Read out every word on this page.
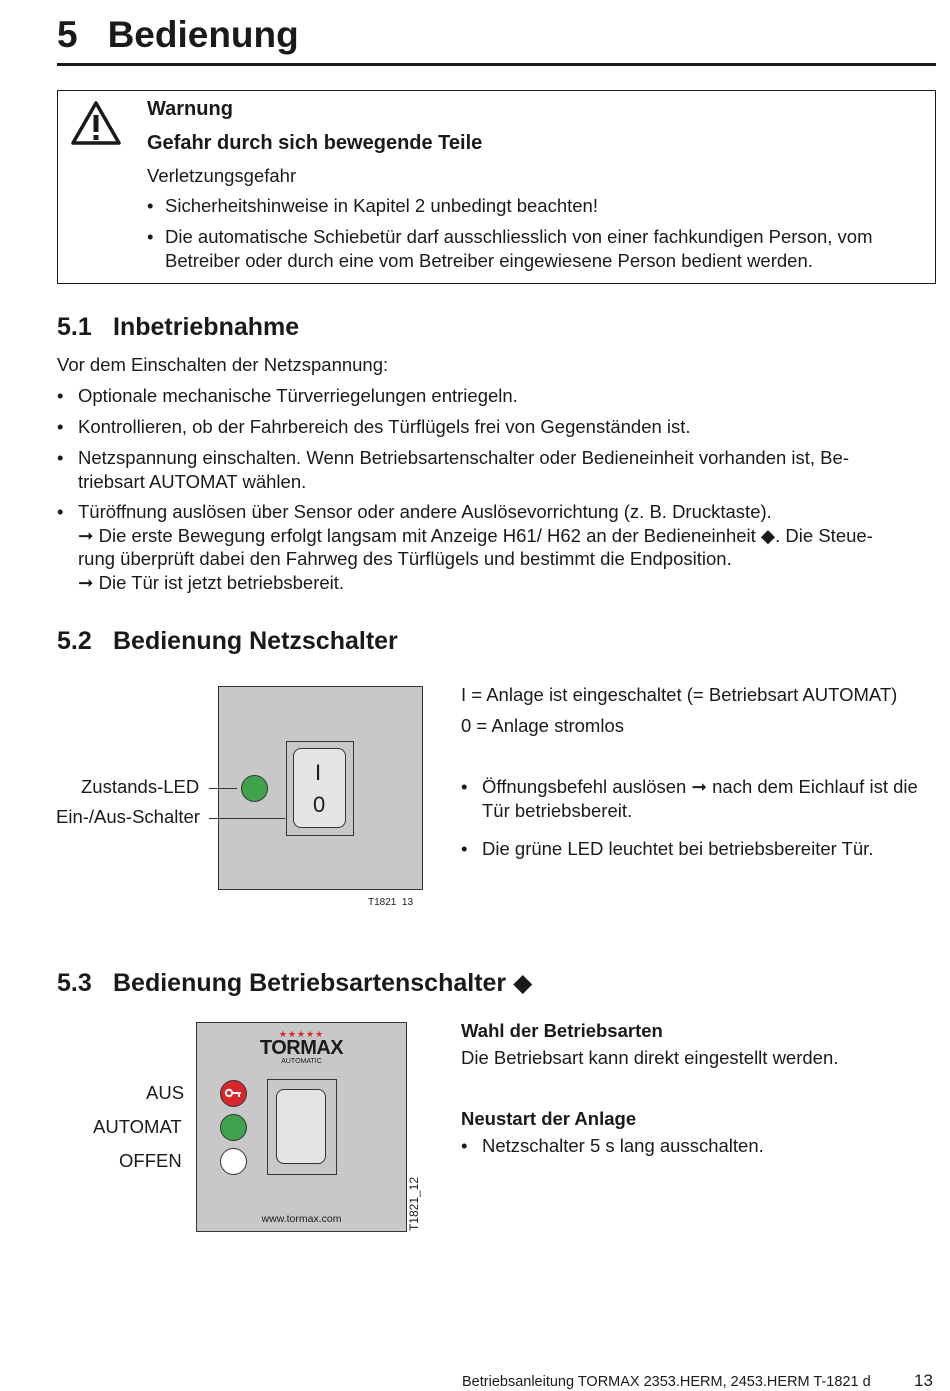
5 Bedienung
Warnung
Gefahr durch sich bewegende Teile
Verletzungsgefahr
• Sicherheitshinweise in Kapitel 2 unbedingt beachten!
• Die automatische Schiebetür darf ausschliesslich von einer fachkundigen Person, vom
Betreiber oder durch eine vom Betreiber eingewiesene Person bedient werden.
5.1 Inbetriebnahme
Vor dem Einschalten der Netzspannung:
• Optionale mechanische Türverriegelungen entriegeln.
• Kontrollieren, ob der Fahrbereich des Türflügels frei von Gegenständen ist.
• Netzspannung einschalten. Wenn Betriebsartenschalter oder Bedieneinheit vorhanden ist, Be-
triebsart AUTOMAT wählen.
• Türöffnung auslösen über Sensor oder andere Auslösevorrichtung (z. B. Drucktaste).
➞ Die erste Bewegung erfolgt langsam mit Anzeige H61/ H62 an der Bedieneinheit ◆. Die Steue-
rung überprüft dabei den Fahrweg des Türflügels und bestimmt die Endposition.
➞ Die Tür ist jetzt betriebsbereit.
5.2 Bedienung Netzschalter
I
0
Zustands-LED
Ein-/Aus-Schalter
T1821_13
I = Anlage ist eingeschaltet (= Betriebsart AUTOMAT)
0 = Anlage stromlos
• Öffnungsbefehl auslösen ➞ nach dem Eichlauf ist die
Tür betriebsbereit.
• Die grüne LED leuchtet bei betriebsbereiter Tür.
5.3 Bedienung Betriebsartenschalter ◆
★★★★★
TORMAX
AUTOMATIC
www.tormax.com
AUS
AUTOMAT
OFFEN
T1821_12
Wahl der Betriebsarten
Die Betriebsart kann direkt eingestellt werden.
Neustart der Anlage
• Netzschalter 5 s lang ausschalten.
Betriebsanleitung TORMAX 2353.HERM, 2453.HERM T-1821 d	13
